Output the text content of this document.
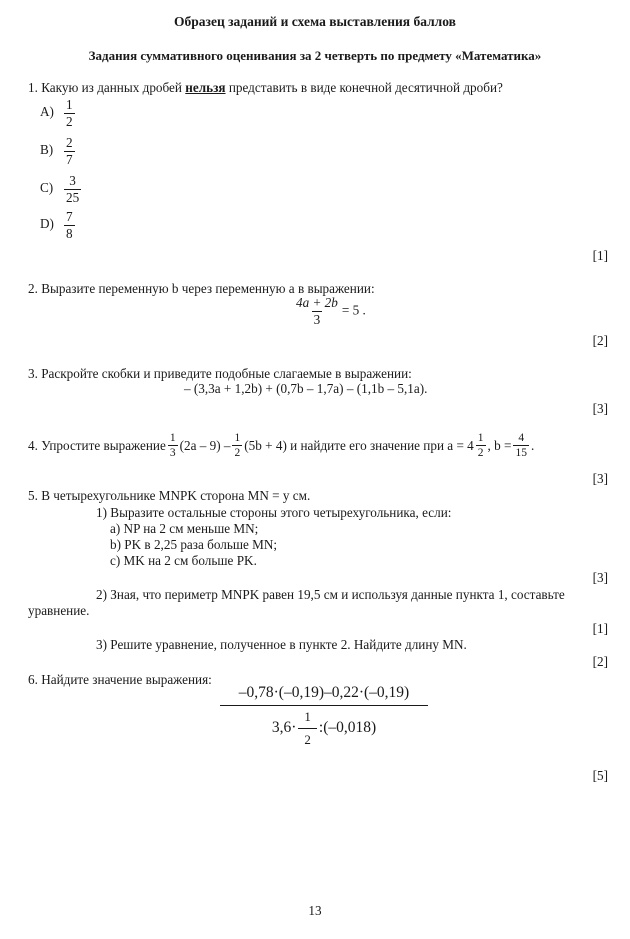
Образец заданий и схема выставления баллов
Задания суммативного оценивания за 2 четверть по предмету «Математика»
1. Какую из данных дробей нельзя представить в виде конечной десятичной дроби?
$A) \frac{1}{2}$
$B) \frac{2}{7}$
$C) \frac{3}{25}$
$D) \frac{7}{8}$
[1]
2. Выразите переменную b через переменную a в выражении:
$\frac{4a + 2b}{3} = 5$ .
[2]
3. Раскройте скобки и приведите подобные слагаемые в выражении:
– (3,3a + 1,2b) + (0,7b – 1,7a) – (1,1b – 5,1a).
[3]
4. Упростите выражение $\frac{1}{3} (2a - 9) - \frac{1}{2} (5b + 4)$ и найдите его значение при $a = 4 \frac{1}{2}$ , $b = \frac{4}{15}$ .
[3]
5. В четырехугольнике MNPK сторона MN = y см.
1) Выразите остальные стороны этого четырехугольника, если:
a) NP на 2 см меньше MN;
b) PK в 2,25 раза больше MN;
c) MK на 2 см больше PK.
[3]
2) Зная, что периметр MNPK равен 19,5 см и используя данные пункта 1, составьте
уравнение.
[1]
3) Решите уравнение, полученное в пункте 2. Найдите длину MN.
[2]
6. Найдите значение выражения:
$\frac{-0,78\cdot(-0,19)-0,22\cdot(-0,19)}{3,6\cdot \frac{1}{2} :(-0,018)}$
[5]
13
